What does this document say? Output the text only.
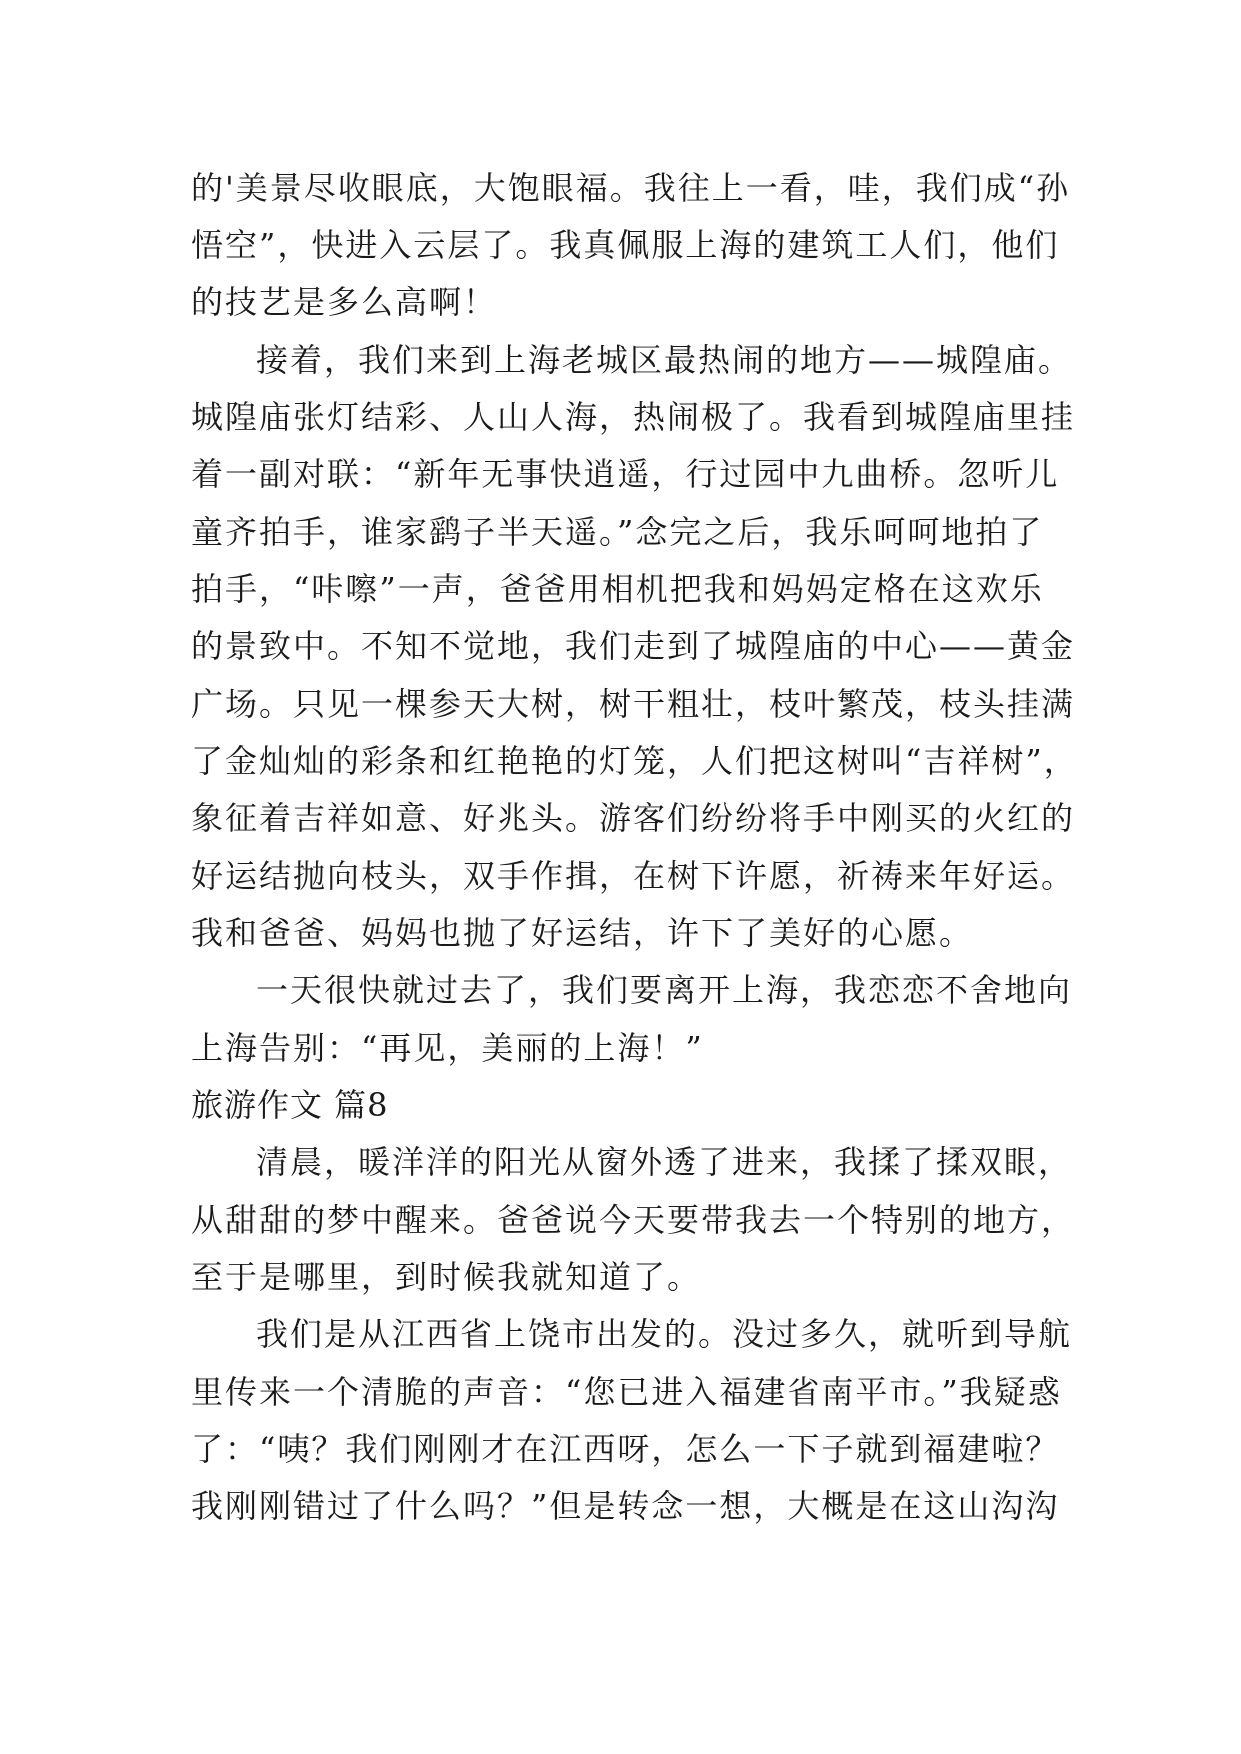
的'美景尽收眼底，大饱眼福。我往上一看，哇，我们成“孙
悟空”，快进入云层了。我真佩服上海的建筑工人们，他们
的技艺是多么高啊！
接着，我们来到上海老城区最热闹的地方——城隍庙。
城隍庙张灯结彩、人山人海，热闹极了。我看到城隍庙里挂
着一副对联：“新年无事快逍遥，行过园中九曲桥。忽听儿
童齐拍手，谁家鹞子半天遥。”念完之后，我乐呵呵地拍了
拍手，“咔嚓”一声，爸爸用相机把我和妈妈定格在这欢乐
的景致中。不知不觉地，我们走到了城隍庙的中心——黄金
广场。只见一棵参天大树，树干粗壮，枝叶繁茂，枝头挂满
了金灿灿的彩条和红艳艳的灯笼，人们把这树叫“吉祥树”，
象征着吉祥如意、好兆头。游客们纷纷将手中刚买的火红的
好运结抛向枝头，双手作揖，在树下许愿，祈祷来年好运。
我和爸爸、妈妈也抛了好运结，许下了美好的心愿。
一天很快就过去了，我们要离开上海，我恋恋不舍地向
上海告别：“再见，美丽的上海！”
旅游作文 篇8
清晨，暖洋洋的阳光从窗外透了进来，我揉了揉双眼，
从甜甜的梦中醒来。爸爸说今天要带我去一个特别的地方，
至于是哪里，到时候我就知道了。
我们是从江西省上饶市出发的。没过多久，就听到导航
里传来一个清脆的声音：“您已进入福建省南平市。”我疑惑
了：“咦？我们刚刚才在江西呀，怎么一下子就到福建啦？
我刚刚错过了什么吗？”但是转念一想，大概是在这山沟沟
